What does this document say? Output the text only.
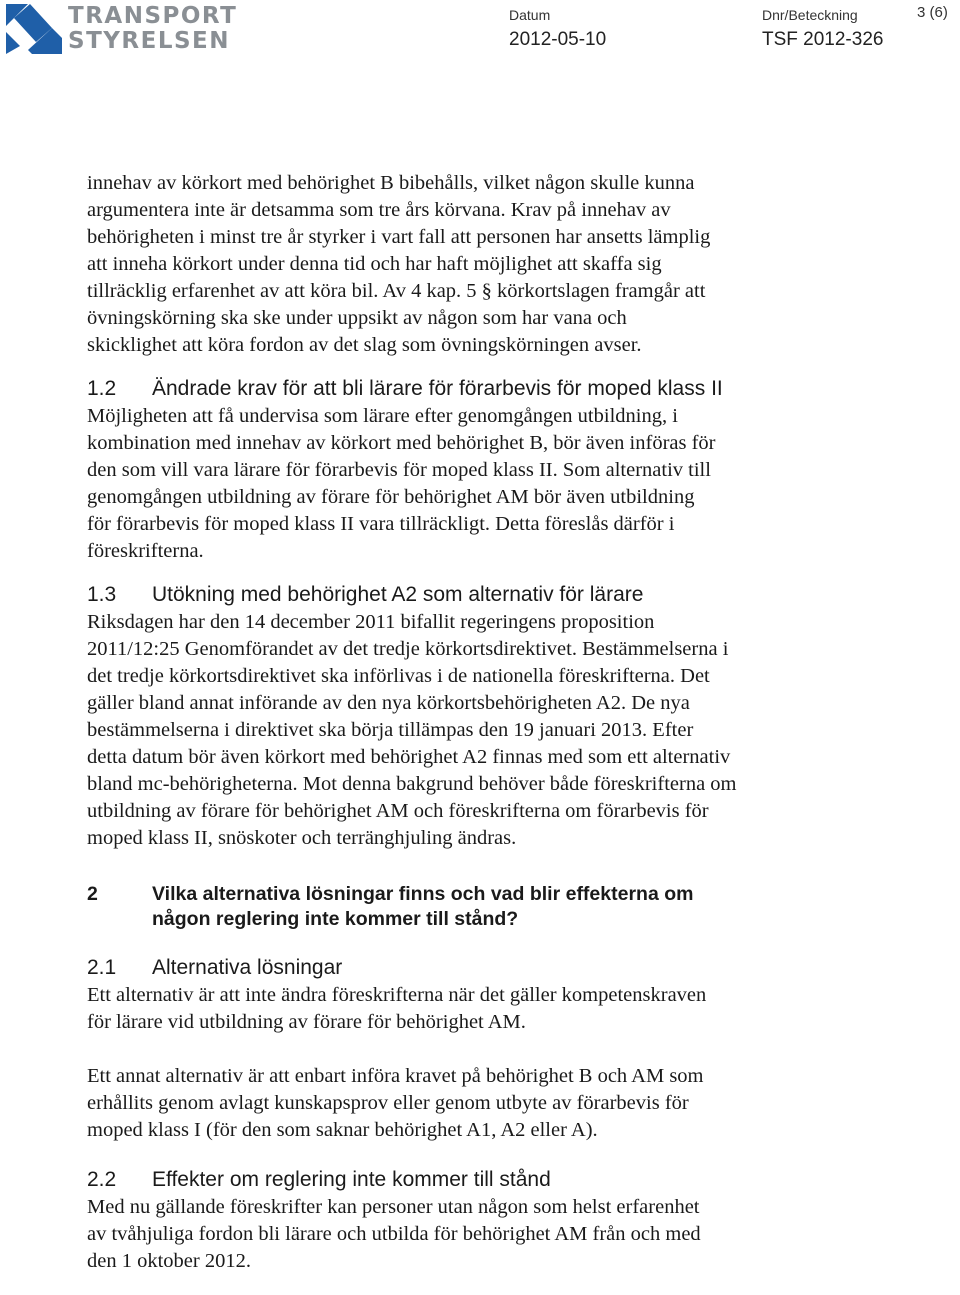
TRANSPORT
STYRELSEN
Datum
2012-05-10
Dnr/Beteckning
TSF 2012-326
3 (6)
innehav av körkort med behörighet B bibehålls, vilket någon skulle kunna
argumentera inte är detsamma som tre års körvana. Krav på innehav av
behörigheten i minst tre år styrker i vart fall att personen har ansetts lämplig
att inneha körkort under denna tid och har haft möjlighet att skaffa sig
tillräcklig erfarenhet av att köra bil. Av 4 kap. 5 § körkortslagen framgår att
övningskörning ska ske under uppsikt av någon som har vana och
skicklighet att köra fordon av det slag som övningskörningen avser.
1.2	Ändrade krav för att bli lärare för förarbevis för moped klass II
Möjligheten att få undervisa som lärare efter genomgången utbildning, i
kombination med innehav av körkort med behörighet B, bör även införas för
den som vill vara lärare för förarbevis för moped klass II. Som alternativ till
genomgången utbildning av förare för behörighet AM bör även utbildning
för förarbevis för moped klass II vara tillräckligt. Detta föreslås därför i
föreskrifterna.
1.3	Utökning med behörighet A2 som alternativ för lärare
Riksdagen har den 14 december 2011 bifallit regeringens proposition
2011/12:25 Genomförandet av det tredje körkortsdirektivet. Bestämmelserna i
det tredje körkortsdirektivet ska införlivas i de nationella föreskrifterna. Det
gäller bland annat införande av den nya körkortsbehörigheten A2. De nya
bestämmelserna i direktivet ska börja tillämpas den 19 januari 2013. Efter
detta datum bör även körkort med behörighet A2 finnas med som ett alternativ
bland mc-behörigheterna. Mot denna bakgrund behöver både föreskrifterna om
utbildning av förare för behörighet AM och föreskrifterna om förarbevis för
moped klass II, snöskoter och terränghjuling ändras.
2	Vilka alternativa lösningar finns och vad blir effekterna om
någon reglering inte kommer till stånd?
2.1	Alternativa lösningar
Ett alternativ är att inte ändra föreskrifterna när det gäller kompetenskraven
för lärare vid utbildning av förare för behörighet AM.
Ett annat alternativ är att enbart införa kravet på behörighet B och AM som
erhållits genom avlagt kunskapsprov eller genom utbyte av förarbevis för
moped klass I (för den som saknar behörighet A1, A2 eller A).
2.2	Effekter om reglering inte kommer till stånd
Med nu gällande föreskrifter kan personer utan någon som helst erfarenhet
av tvåhjuliga fordon bli lärare och utbilda för behörighet AM från och med
den 1 oktober 2012.
